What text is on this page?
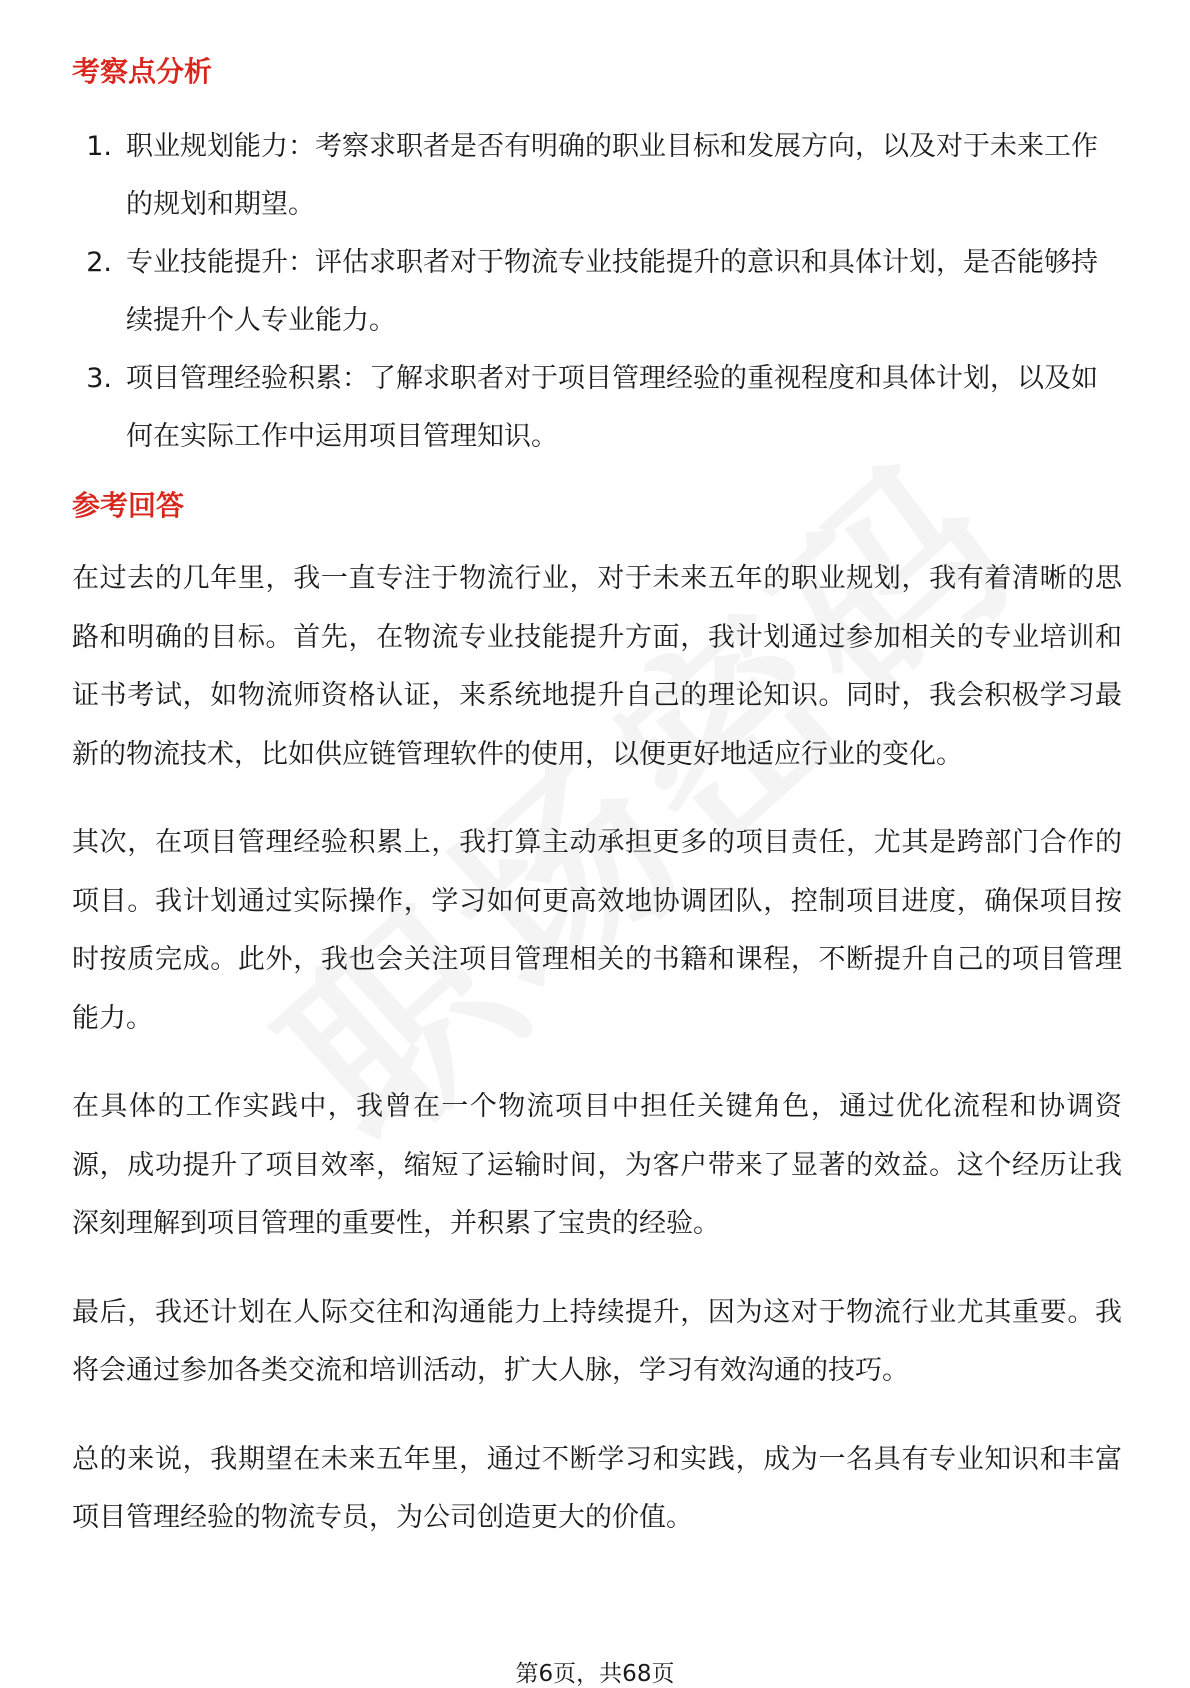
考察点分析
1. 职业规划能力：考察求职者是否有明确的职业目标和发展方向，以及对于未来工作的规划和期望。
2. 专业技能提升：评估求职者对于物流专业技能提升的意识和具体计划，是否能够持续提升个人专业能力。
3. 项目管理经验积累：了解求职者对于项目管理经验的重视程度和具体计划，以及如何在实际工作中运用项目管理知识。
参考回答

在过去的几年里，我一直专注于物流行业，对于未来五年的职业规划，我有着清晰的思路和明确的目标。首先，在物流专业技能提升方面，我计划通过参加相关的专业培训和证书考试，如物流师资格认证，来系统地提升自己的理论知识。同时，我会积极学习最新的物流技术，比如供应链管理软件的使用，以便更好地适应行业的变化。

其次，在项目管理经验积累上，我打算主动承担更多的项目责任，尤其是跨部门合作的项目。我计划通过实际操作，学习如何更高效地协调团队，控制项目进度，确保项目按时按质完成。此外，我也会关注项目管理相关的书籍和课程，不断提升自己的项目管理能力。

在具体的工作实践中，我曾在一个物流项目中担任关键角色，通过优化流程和协调资源，成功提升了项目效率，缩短了运输时间，为客户带来了显著的效益。这个经历让我深刻理解到项目管理的重要性，并积累了宝贵的经验。

最后，我还计划在人际交往和沟通能力上持续提升，因为这对于物流行业尤其重要。我将会通过参加各类交流和培训活动，扩大人脉，学习有效沟通的技巧。

总的来说，我期望在未来五年里，通过不断学习和实践，成为一名具有专业知识和丰富项目管理经验的物流专员，为公司创造更大的价值。

第6页，共68页
